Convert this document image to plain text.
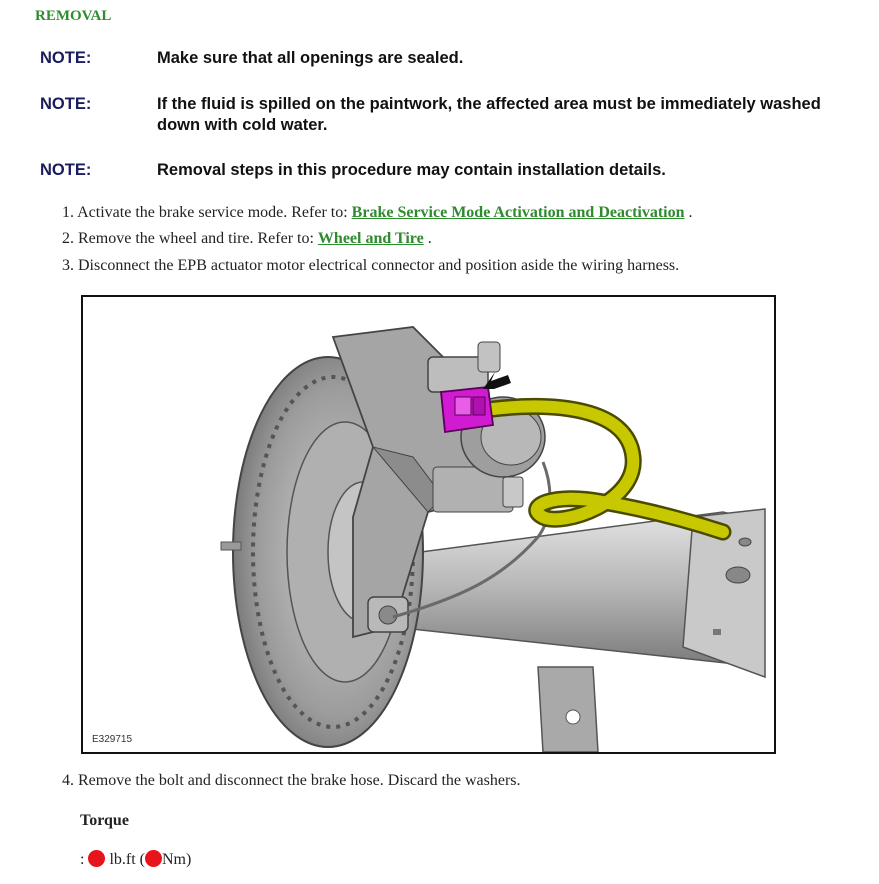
REMOVAL
NOTE:	Make sure that all openings are sealed.
NOTE:	If the fluid is spilled on the paintwork, the affected area must be immediately washed down with cold water.
NOTE:	Removal steps in this procedure may contain installation details.
1. Activate the brake service mode. Refer to: Brake Service Mode Activation and Deactivation .
2. Remove the wheel and tire. Refer to: Wheel and Tire .
3. Disconnect the EPB actuator motor electrical connector and position aside the wiring harness.
E329715
4. Remove the bolt and disconnect the brake hose. Discard the washers.
Torque
: lb.ft ( Nm)
